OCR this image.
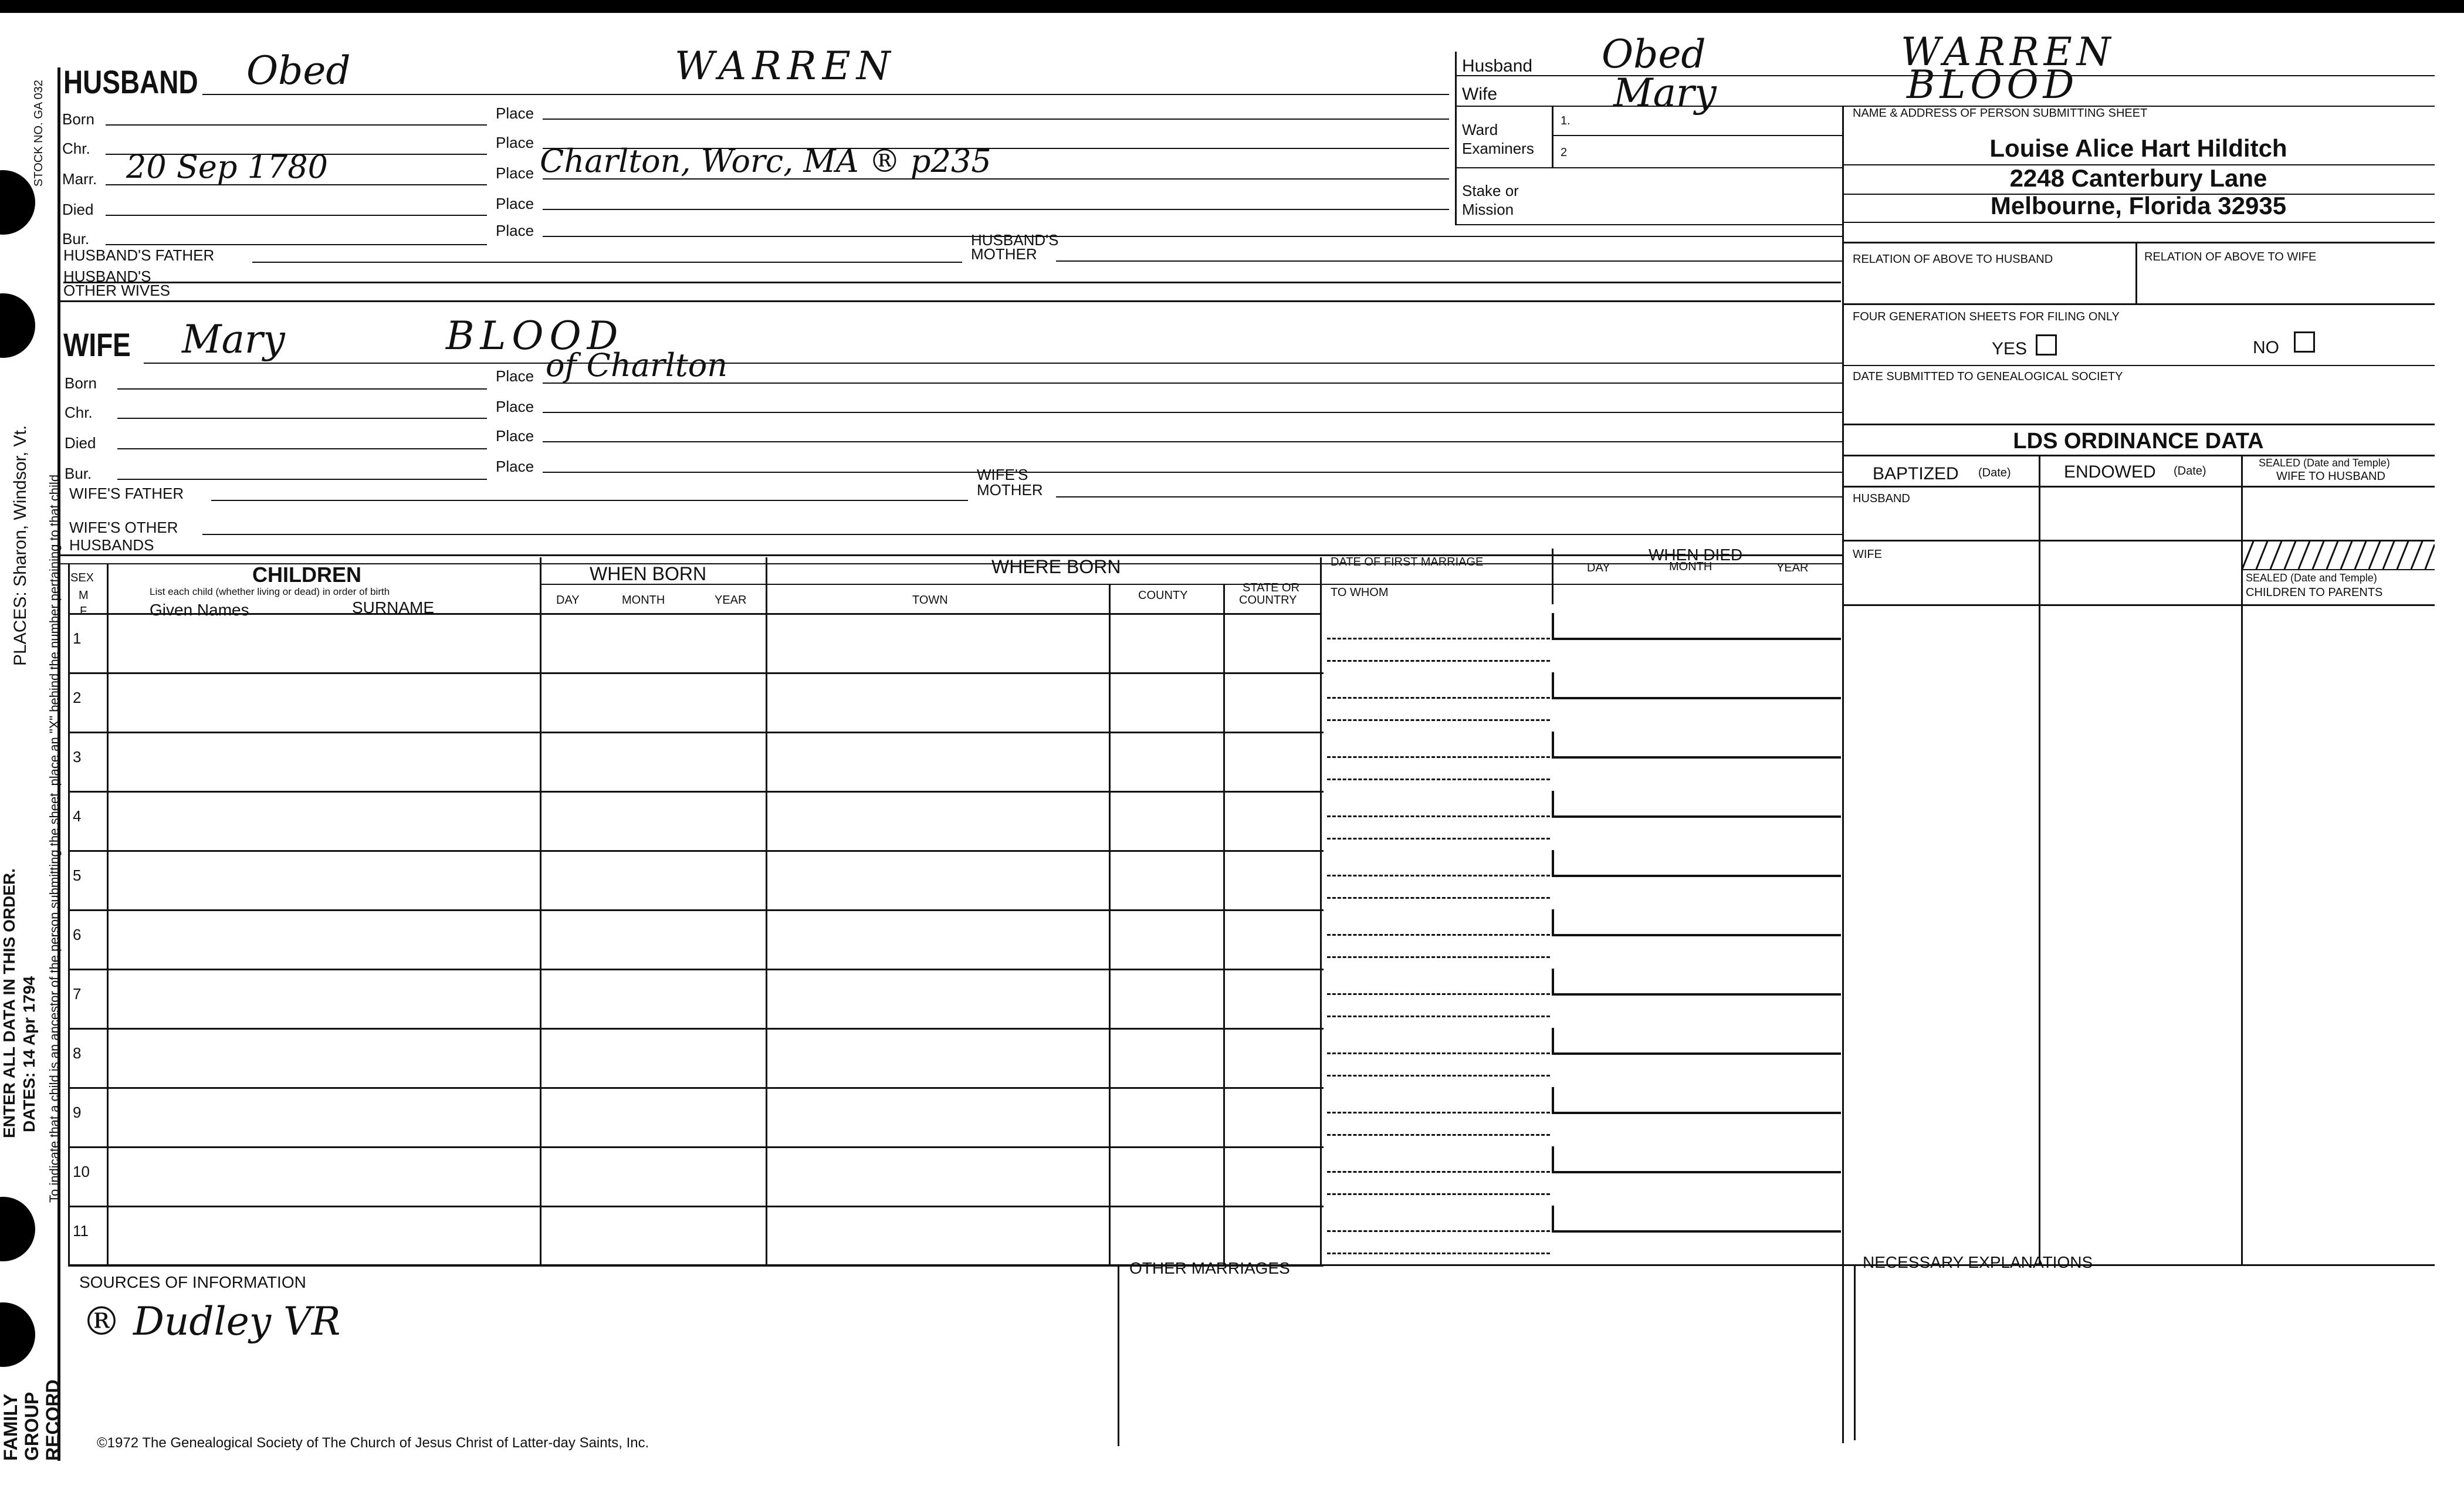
STOCK NO. GA 032
PLACES: Sharon, Windsor, Vt.
ENTER ALL DATA IN THIS ORDER. DATES: 14 Apr 1794 To indicate that a child is an ancestor of the person submitting the sheet, place an "X" behind the number pertaining to that child
FAMILY GROUP RECORD
HUSBAND Obed	WARREN
Born	Place
Chr.	Place
Marr. 20 Sep 1780	Place Charlton, Worc, MA ® p235
Died	Place
Bur.	Place
HUSBAND'S FATHER
HUSBAND'S
MOTHER
HUSBAND'S
OTHER WIVES
Husband Obed	WARREN
Wife	Mary	BLOOD
Ward
Examiners
1.
2
Stake or
Mission
NAME & ADDRESS OF PERSON SUBMITTING SHEET
Louise Alice Hart Hilditch
2248 Canterbury Lane
Melbourne, Florida 32935
RELATION OF ABOVE TO HUSBAND	RELATION OF ABOVE TO WIFE
FOUR GENERATION SHEETS FOR FILING ONLY
YES	NO
DATE SUBMITTED TO GENEALOGICAL SOCIETY
LDS ORDINANCE DATA
BAPTIZED (Date)	ENDOWED (Date)
SEALED (Date and Temple)
WIFE TO HUSBAND
HUSBAND
WIFE
SEALED (Date and Temple)
CHILDREN TO PARENTS
WIFE Mary	BLOOD
Born	Place of Charlton
Chr.	Place
Died	Place
Bur.	Place
WIFE'S FATHER
WIFE'S
MOTHER
WIFE'S OTHER
HUSBANDS
SEX
M
F
CHILDREN
List each child (whether living or dead) in order of birth
Given Names	SURNAME
WHEN BORN
DAY	MONTH	YEAR
WHERE BORN
TOWN	COUNTY
STATE OR
COUNTRY
DATE OF FIRST MARRIAGE
TO WHOM
WHEN DIED
DAY	MONTH	YEAR
1
2
3
4
5
6
7
8
9
10
11
SOURCES OF INFORMATION
® Dudley VR
OTHER MARRIAGES	NECESSARY EXPLANATIONS
©1972 The Genealogical Society of The Church of Jesus Christ of Latter-day Saints, Inc.
